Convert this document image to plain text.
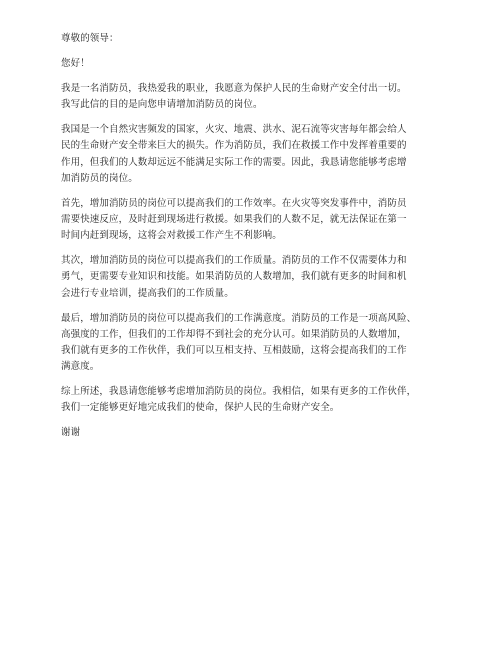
尊敬的领导：

您好！

我是一名消防员，我热爱我的职业，我愿意为保护人民的生命财产安全付出一切。
我写此信的目的是向您申请增加消防员的岗位。

我国是一个自然灾害频发的国家，火灾、地震、洪水、泥石流等灾害每年都会给人
民的生命财产安全带来巨大的损失。作为消防员，我们在救援工作中发挥着重要的
作用，但我们的人数却远远不能满足实际工作的需要。因此，我恳请您能够考虑增
加消防员的岗位。

首先，增加消防员的岗位可以提高我们的工作效率。在火灾等突发事件中，消防员
需要快速反应，及时赶到现场进行救援。如果我们的人数不足，就无法保证在第一
时间内赶到现场，这将会对救援工作产生不利影响。

其次，增加消防员的岗位可以提高我们的工作质量。消防员的工作不仅需要体力和
勇气，更需要专业知识和技能。如果消防员的人数增加，我们就有更多的时间和机
会进行专业培训，提高我们的工作质量。

最后，增加消防员的岗位可以提高我们的工作满意度。消防员的工作是一项高风险、
高强度的工作，但我们的工作却得不到社会的充分认可。如果消防员的人数增加，
我们就有更多的工作伙伴，我们可以互相支持、互相鼓励，这将会提高我们的工作
满意度。

综上所述，我恳请您能够考虑增加消防员的岗位。我相信，如果有更多的工作伙伴，
我们一定能够更好地完成我们的使命，保护人民的生命财产安全。

谢谢
